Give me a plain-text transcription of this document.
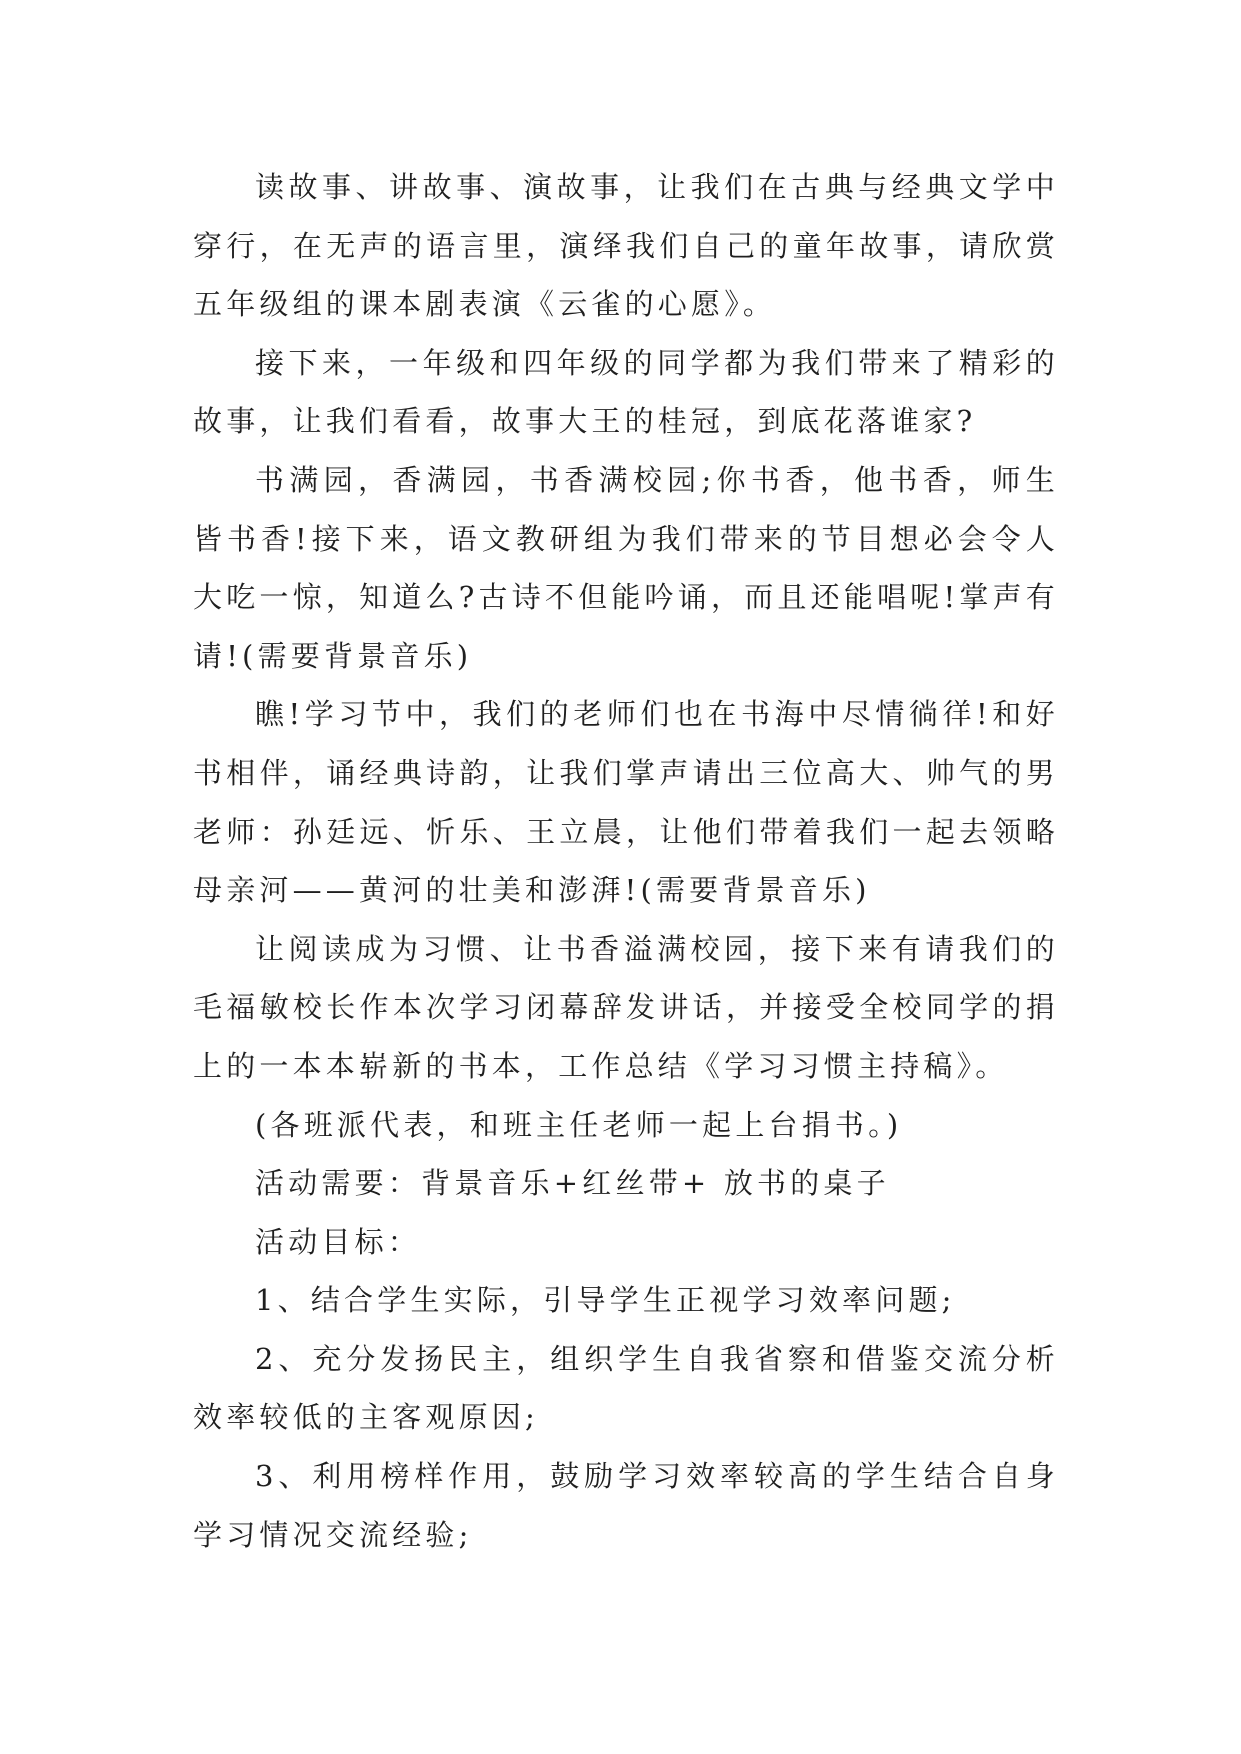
读故事、讲故事、演故事，让我们在古典与经典文学中穿行，在无声的语言里，演绎我们自己的童年故事，请欣赏五年级组的课本剧表演《云雀的心愿》。

接下来，一年级和四年级的同学都为我们带来了精彩的故事，让我们看看，故事大王的桂冠，到底花落谁家?

书满园，香满园，书香满校园;你书香，他书香，师生皆书香!接下来，语文教研组为我们带来的节目想必会令人大吃一惊，知道么?古诗不但能吟诵，而且还能唱呢!掌声有请!(需要背景音乐)

瞧!学习节中，我们的老师们也在书海中尽情徜徉!和好书相伴，诵经典诗韵，让我们掌声请出三位高大、帅气的男老师：孙廷远、忻乐、王立晨，让他们带着我们一起去领略母亲河——黄河的壮美和澎湃!(需要背景音乐)

让阅读成为习惯、让书香溢满校园，接下来有请我们的毛福敏校长作本次学习闭幕辞发讲话，并接受全校同学的捐上的一本本崭新的书本，工作总结《学习习惯主持稿》。

(各班派代表，和班主任老师一起上台捐书。)

活动需要：背景音乐+红丝带+ 放书的桌子

活动目标：

1、结合学生实际，引导学生正视学习效率问题;

2、充分发扬民主，组织学生自我省察和借鉴交流分析效率较低的主客观原因;

3、利用榜样作用，鼓励学习效率较高的学生结合自身学习情况交流经验;
